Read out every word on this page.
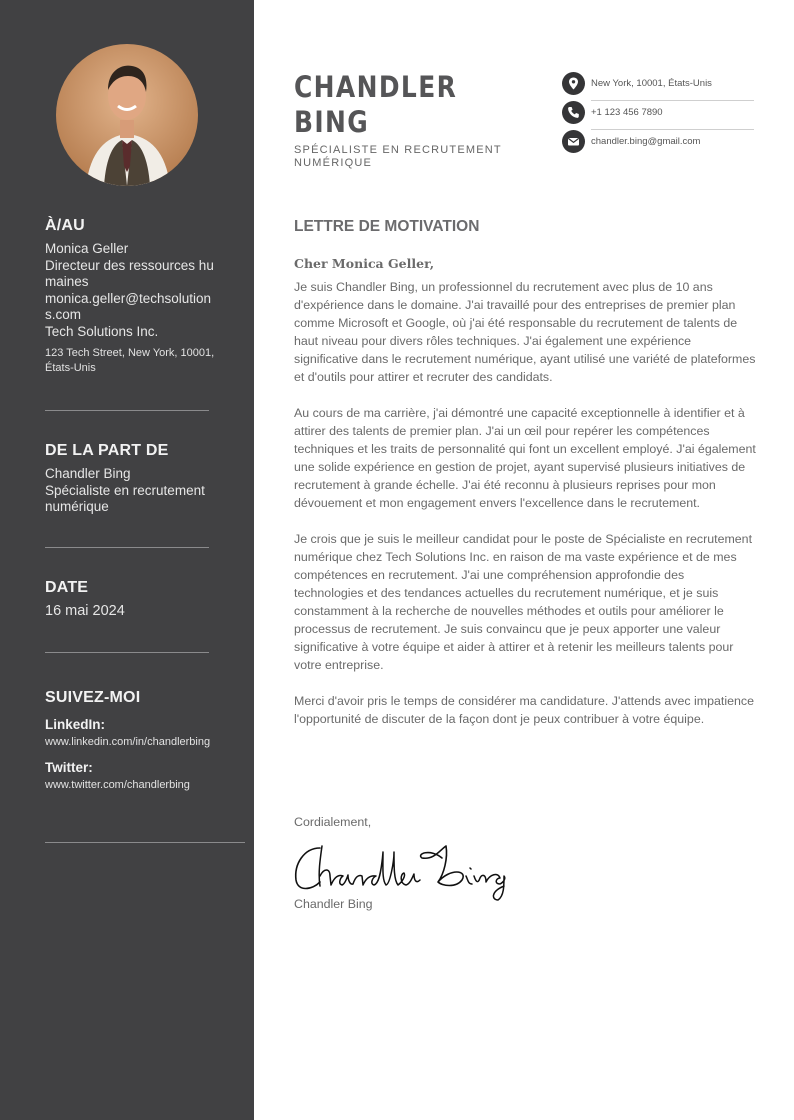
À/AU
Monica Geller
Directeur des ressources humaines
monica.geller@techsolutions.com
Tech Solutions Inc.
123 Tech Street, New York, 10001, États-Unis
DE LA PART DE
Chandler Bing
Spécialiste en recrutement numérique
DATE
16 mai 2024
SUIVEZ-MOI
LinkedIn:
www.linkedin.com/in/chandlerbing
Twitter:
www.twitter.com/chandlerbing
CHANDLER
BING
SPÉCIALISTE EN RECRUTEMENT NUMÉRIQUE
New York, 10001, États-Unis
+1 123 456 7890
chandler.bing@gmail.com
LETTRE DE MOTIVATION
Cher Monica Geller,

Je suis Chandler Bing, un professionnel du recrutement avec plus de 10 ans d'expérience dans le domaine. J'ai travaillé pour des entreprises de premier plan comme Microsoft et Google, où j'ai été responsable du recrutement de talents de haut niveau pour divers rôles techniques. J'ai également une expérience significative dans le recrutement numérique, ayant utilisé une variété de plateformes et d'outils pour attirer et recruter des candidats.

Au cours de ma carrière, j'ai démontré une capacité exceptionnelle à identifier et à attirer des talents de premier plan. J'ai un œil pour repérer les compétences techniques et les traits de personnalité qui font un excellent employé. J'ai également une solide expérience en gestion de projet, ayant supervisé plusieurs initiatives de recrutement à grande échelle. J'ai été reconnu à plusieurs reprises pour mon dévouement et mon engagement envers l'excellence dans le recrutement.

Je crois que je suis le meilleur candidat pour le poste de Spécialiste en recrutement numérique chez Tech Solutions Inc. en raison de ma vaste expérience et de mes compétences en recrutement. J'ai une compréhension approfondie des technologies et des tendances actuelles du recrutement numérique, et je suis constamment à la recherche de nouvelles méthodes et outils pour améliorer le processus de recrutement. Je suis convaincu que je peux apporter une valeur significative à votre équipe et aider à attirer et à retenir les meilleurs talents pour votre entreprise.

Merci d'avoir pris le temps de considérer ma candidature. J'attends avec impatience l'opportunité de discuter de la façon dont je peux contribuer à votre équipe.

Cordialement,
Chandler Bing
